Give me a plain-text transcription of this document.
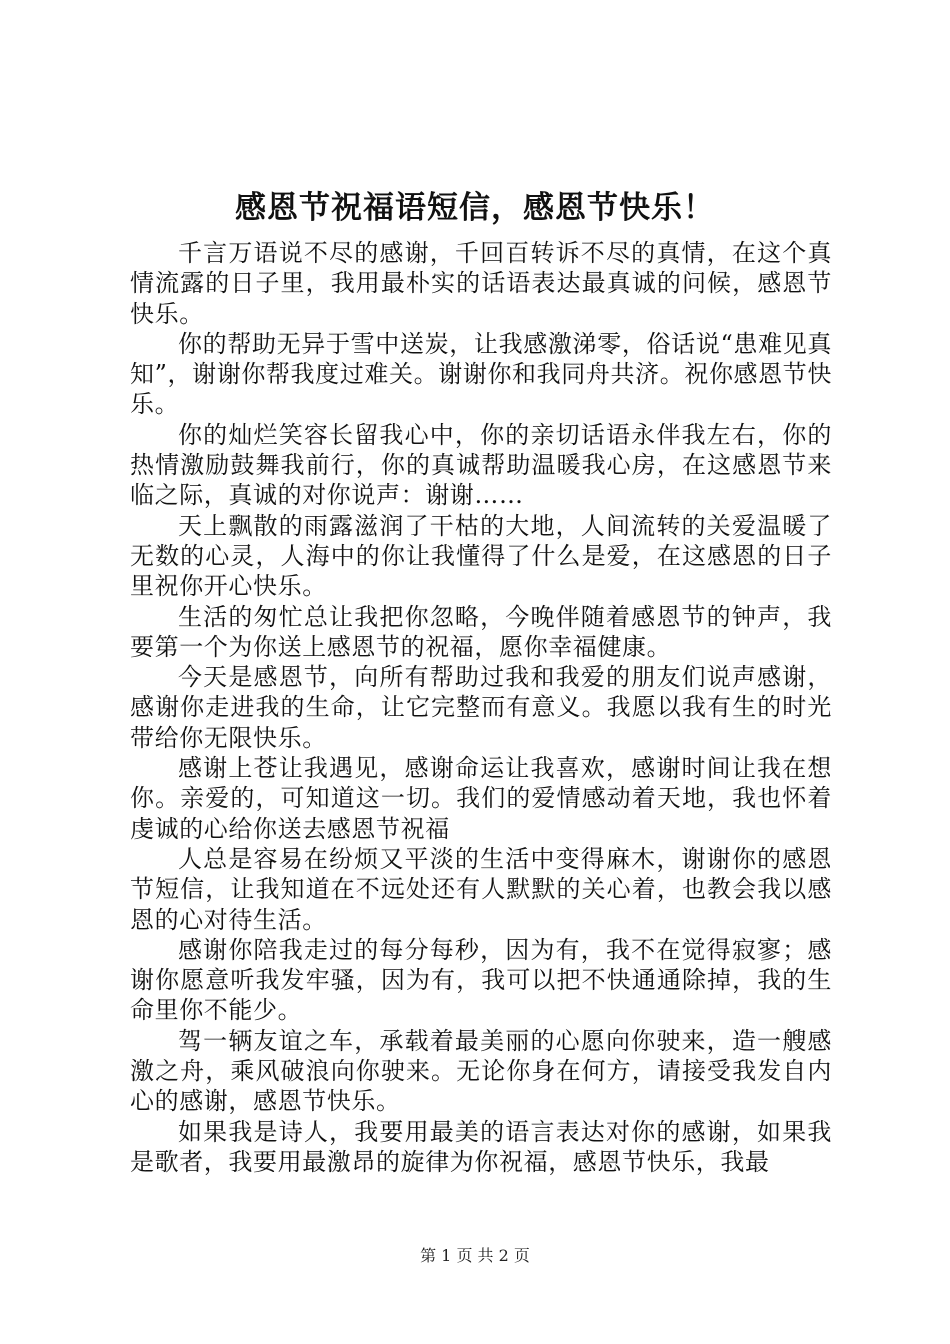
感恩节祝福语短信，感恩节快乐！

千言万语说不尽的感谢，千回百转诉不尽的真情，在这个真情流露的日子里，我用最朴实的话语表达最真诚的问候，感恩节快乐。

你的帮助无异于雪中送炭，让我感激涕零，俗话说“患难见真知”，谢谢你帮我度过难关。谢谢你和我同舟共济。祝你感恩节快乐。

你的灿烂笑容长留我心中，你的亲切话语永伴我左右，你的热情激励鼓舞我前行，你的真诚帮助温暖我心房，在这感恩节来临之际，真诚的对你说声：谢谢……

天上飘散的雨露滋润了干枯的大地，人间流转的关爱温暖了无数的心灵，人海中的你让我懂得了什么是爱，在这感恩的日子里祝你开心快乐。

生活的匆忙总让我把你忽略，今晚伴随着感恩节的钟声，我要第一个为你送上感恩节的祝福，愿你幸福健康。

今天是感恩节，向所有帮助过我和我爱的朋友们说声感谢，感谢你走进我的生命，让它完整而有意义。我愿以我有生的时光带给你无限快乐。

感谢上苍让我遇见，感谢命运让我喜欢，感谢时间让我在想你。亲爱的，可知道这一切。我们的爱情感动着天地，我也怀着虔诚的心给你送去感恩节祝福

人总是容易在纷烦又平淡的生活中变得麻木，谢谢你的感恩节短信，让我知道在不远处还有人默默的关心着，也教会我以感恩的心对待生活。

感谢你陪我走过的每分每秒，因为有，我不在觉得寂寥；感谢你愿意听我发牢骚，因为有，我可以把不快通通除掉，我的生命里你不能少。

驾一辆友谊之车，承载着最美丽的心愿向你驶来，造一艘感激之舟，乘风破浪向你驶来。无论你身在何方，请接受我发自内心的感谢，感恩节快乐。

如果我是诗人，我要用最美的语言表达对你的感谢，如果我是歌者，我要用最激昂的旋律为你祝福，感恩节快乐，我最

第 1 页 共 2 页
